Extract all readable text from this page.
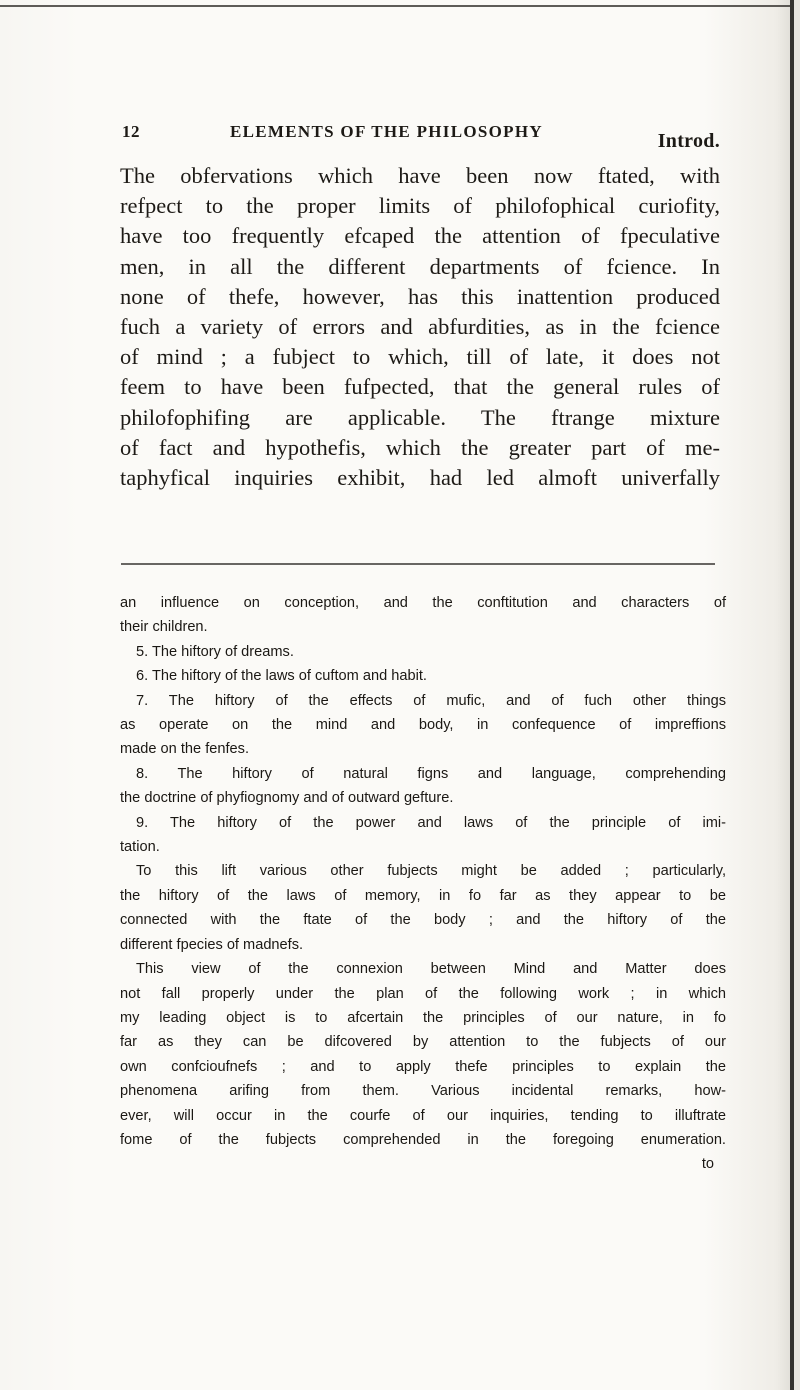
12	ELEMENTS OF THE PHILOSOPHY	Introd.
The obfervations which have been now ftated, with
refpect to the proper limits of philofophical curiofity,
have too frequently efcaped the attention of fpeculative
men, in all the different departments of fcience. In
none of thefe, however, has this inattention produced
fuch a variety of errors and abfurdities, as in the fcience
of mind ; a fubject to which, till of late, it does not
feem to have been fufpected, that the general rules of
philofophifing are applicable. The ftrange mixture
of fact and hypothefis, which the greater part of me-
taphyfical inquiries exhibit, had led almoft univerfally
an influence on conception, and the conftitution and characters of
their children.
5. The hiftory of dreams.
6. The hiftory of the laws of cuftom and habit.
7. The hiftory of the effects of mufic, and of fuch other things
as operate on the mind and body, in confequence of impreffions
made on the fenfes.
8. The hiftory of natural figns and language, comprehending
the doctrine of phyfiognomy and of outward gefture.
9. The hiftory of the power and laws of the principle of imi-
tation.
To this lift various other fubjects might be added ; particularly,
the hiftory of the laws of memory, in fo far as they appear to be
connected with the ftate of the body ; and the hiftory of the
different fpecies of madnefs.
This view of the connexion between Mind and Matter does
not fall properly under the plan of the following work ; in which
my leading object is to afcertain the principles of our nature, in fo
far as they can be difcovered by attention to the fubjects of our
own confcioufnefs ; and to apply thefe principles to explain the
phenomena arifing from them. Various incidental remarks, how-
ever, will occur in the courfe of our inquiries, tending to illuftrate
fome of the fubjects comprehended in the foregoing enumeration.
to
